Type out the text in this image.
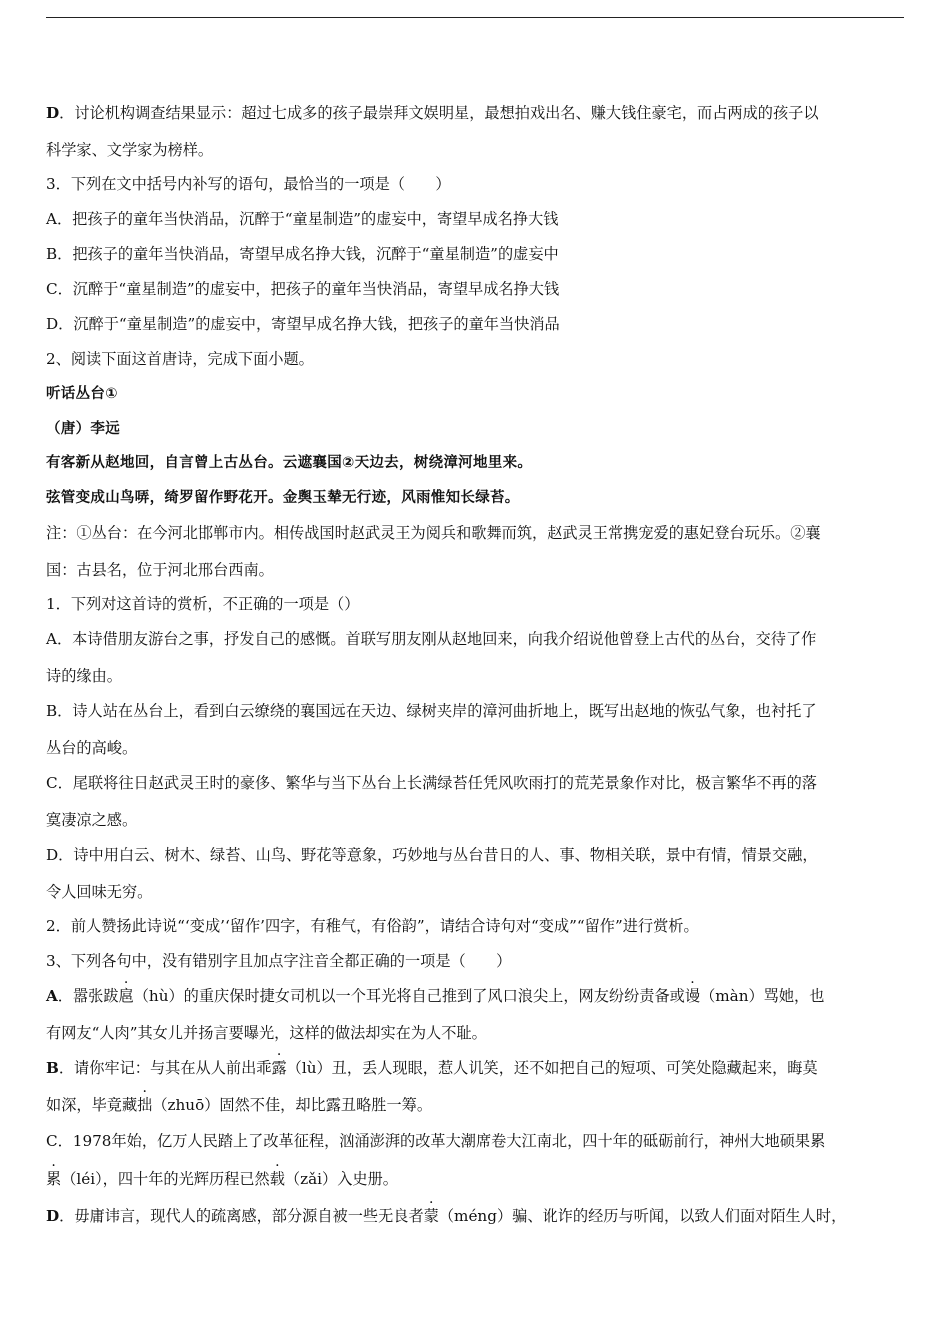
D．讨论机构调查结果显示：超过七成多的孩子最崇拜文娱明星，最想拍戏出名、赚大钱住豪宅，而占两成的孩子以
科学家、文学家为榜样。
3．下列在文中括号内补写的语句，最恰当的一项是（　　）
A．把孩子的童年当快消品，沉醉于“童星制造”的虚妄中，寄望早成名挣大钱
B．把孩子的童年当快消品，寄望早成名挣大钱，沉醉于“童星制造”的虚妄中
C．沉醉于“童星制造”的虚妄中，把孩子的童年当快消品，寄望早成名挣大钱
D．沉醉于“童星制造”的虚妄中，寄望早成名挣大钱，把孩子的童年当快消品
2、阅读下面这首唐诗，完成下面小题。
听话丛台①
（唐）李远
有客新从赵地回，自言曾上古丛台。云遮襄国②天边去，树绕漳河地里来。
弦管变成山鸟哢，绮罗留作野花开。金舆玉辇无行迹，风雨惟知长绿苔。
注：①丛台：在今河北邯郸市内。相传战国时赵武灵王为阅兵和歌舞而筑，赵武灵王常携宠爱的惠妃登台玩乐。②襄
国：古县名，位于河北邢台西南。
1．下列对这首诗的赏析，不正确的一项是（）
A．本诗借朋友游台之事，抒发自己的感慨。首联写朋友刚从赵地回来，向我介绍说他曾登上古代的丛台，交待了作
诗的缘由。
B．诗人站在丛台上，看到白云缭绕的襄国远在天边、绿树夹岸的漳河曲折地上，既写出赵地的恢弘气象，也衬托了
丛台的高峻。
C．尾联将往日赵武灵王时的豪侈、繁华与当下丛台上长满绿苔任凭风吹雨打的荒芜景象作对比，极言繁华不再的落
寞凄凉之感。
D．诗中用白云、树木、绿苔、山鸟、野花等意象，巧妙地与丛台昔日的人、事、物相关联，景中有情，情景交融，
令人回味无穷。
2．前人赞扬此诗说“‘变成’‘留作’四字，有稚气，有俗韵”，请结合诗句对“变成”“留作”进行赏析。
3、下列各句中，没有错别字且加点字注音全都正确的一项是（　　）
A．嚣张跋扈（hù）的重庆保时捷女司机以一个耳光将自己推到了风口浪尖上，网友纷纷责备或谩（màn）骂她，也
有网友“人肉”其女儿并扬言要曝光，这样的做法却实在为人不耻。
B．请你牢记：与其在从人前出乖露（lù）丑，丢人现眼，惹人讥笑，还不如把自己的短项、可笑处隐藏起来，晦莫
如深，毕竟藏拙（zhuō）固然不佳，却比露丑略胜一筹。
C．1978年始，亿万人民踏上了改革征程，汹涌澎湃的改革大潮席卷大江南北，四十年的砥砺前行，神州大地硕果累
累（léi），四十年的光辉历程已然载（zǎi）入史册。
D．毋庸讳言，现代人的疏离感，部分源自被一些无良者蒙（méng）骗、讹诈的经历与听闻，以致人们面对陌生人时，
